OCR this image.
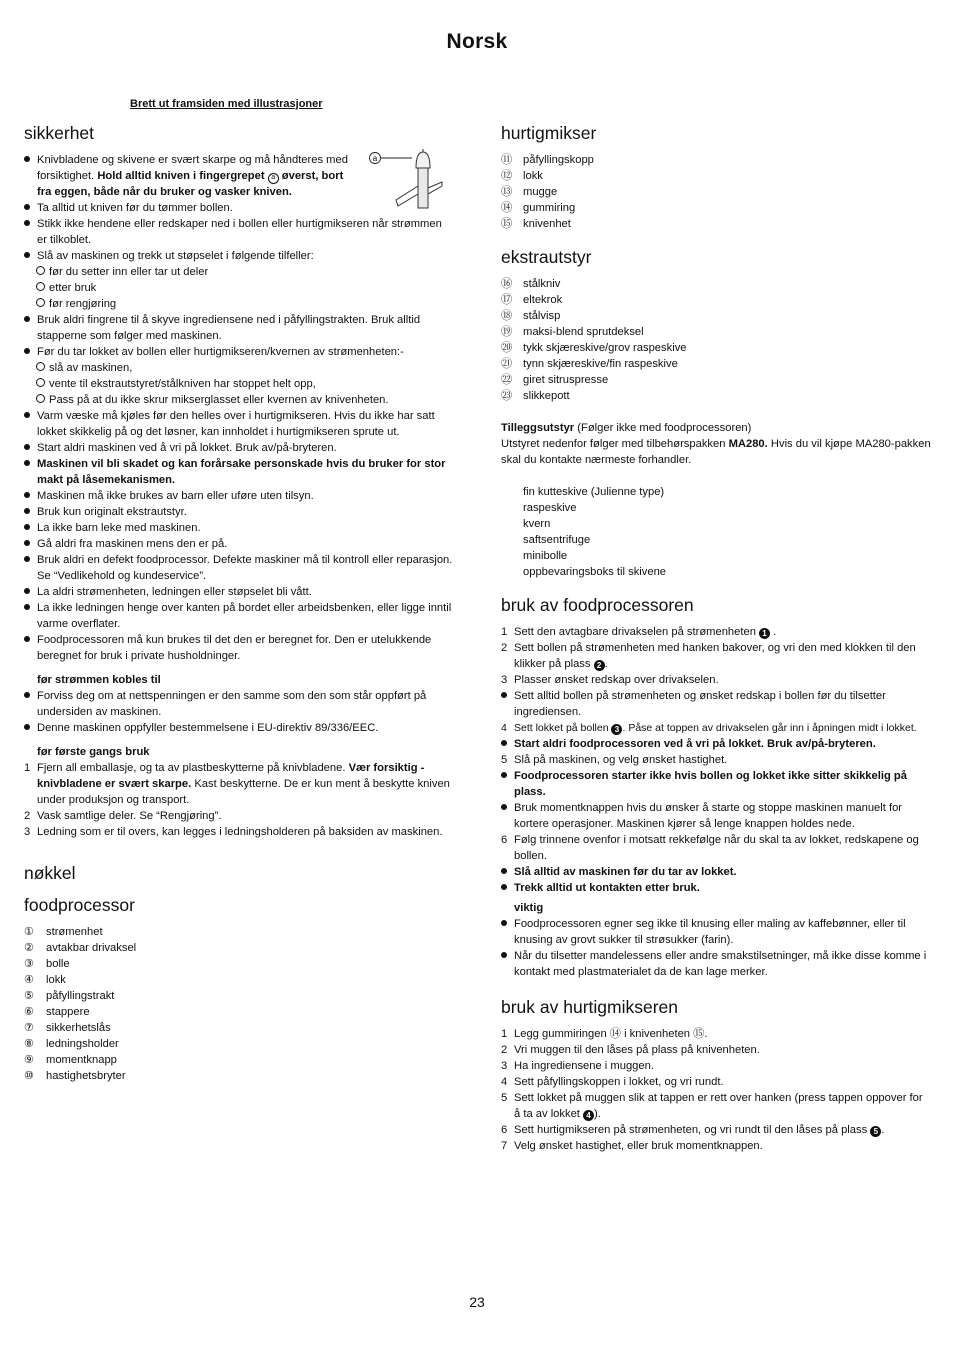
Norsk
Brett ut framsiden med illustrasjoner
a
sikkerhet
Knivbladene og skivene er svært skarpe og må håndteres med forsiktighet. Hold alltid kniven i fingergrepet a øverst, bort fra eggen, både når du bruker og vasker kniven.
Ta alltid ut kniven før du tømmer bollen.
Stikk ikke hendene eller redskaper ned i bollen eller hurtigmikseren når strømmen er tilkoblet.
Slå av maskinen og trekk ut støpselet i følgende tilfeller:
før du setter inn eller tar ut deler
etter bruk
før rengjøring
Bruk aldri fingrene til å skyve ingrediensene ned i påfyllingstrakten. Bruk alltid stapperne som følger med maskinen.
Før du tar lokket av bollen eller hurtigmikseren/kvernen av strømenheten:-
slå av maskinen,
vente til ekstrautstyret/stålkniven har stoppet helt opp,
Pass på at du ikke skrur mikserglasset eller kvernen av knivenheten.
Varm væske må kjøles før den helles over i hurtigmikseren. Hvis du ikke har satt lokket skikkelig på og det løsner, kan innholdet i hurtigmikseren sprute ut.
Start aldri maskinen ved å vri på lokket. Bruk av/på-bryteren.
Maskinen vil bli skadet og kan forårsake personskade hvis du bruker for stor makt på låsemekanismen.
Maskinen må ikke brukes av barn eller uføre uten tilsyn.
Bruk kun originalt ekstrautstyr.
La ikke barn leke med maskinen.
Gå aldri fra maskinen mens den er på.
Bruk aldri en defekt foodprocessor. Defekte maskiner må til kontroll eller reparasjon. Se “Vedlikehold og kundeservice”.
La aldri strømenheten, ledningen eller støpselet bli vått.
La ikke ledningen henge over kanten på bordet eller arbeidsbenken, eller ligge inntil varme overflater.
Foodprocessoren må kun brukes til det den er beregnet for. Den er utelukkende beregnet for bruk i private husholdninger.
før strømmen kobles til
Forviss deg om at nettspenningen er den samme som den som står oppført på undersiden av maskinen.
Denne maskinen oppfyller bestemmelsene i EU-direktiv 89/336/EEC.
før første gangs bruk
1 Fjern all emballasje, og ta av plastbeskytterne på knivbladene. Vær forsiktig - knivbladene er svært skarpe. Kast beskytterne. De er kun ment å beskytte kniven under produksjon og transport.
2 Vask samtlige deler. Se “Rengjøring”.
3 Ledning som er til overs, kan legges i ledningsholderen på baksiden av maskinen.
nøkkel
foodprocessor
①	strømenhet
②	avtakbar drivaksel
③	bolle
④	lokk
⑤	påfyllingstrakt
⑥	stappere
⑦	sikkerhetslås
⑧	ledningsholder
⑨	momentknapp
⑩	hastighetsbryter
hurtigmikser
⑪ påfyllingskopp
⑫ lokk
⑬ mugge
⑭ gummiring
⑮ knivenhet
ekstrautstyr
⑯ stålkniv
⑰ eltekrok
⑱ stålvisp
⑲ maksi-blend sprutdeksel
⑳ tykk skjæreskive/grov raspeskive
㉑ tynn skjæreskive/fin raspeskive
㉒ giret sitruspresse
㉓ slikkepott
Tilleggsutstyr (Følger ikke med foodprocessoren)
Utstyret nedenfor følger med tilbehørspakken MA280. Hvis du vil kjøpe MA280-pakken skal du kontakte nærmeste forhandler.
fin kutteskive (Julienne type)
raspeskive
kvern
saftsentrifuge
minibolle
oppbevaringsboks til skivene
bruk av foodprocessoren
1 Sett den avtagbare drivakselen på strømenheten 1 .
2 Sett bollen på strømenheten med hanken bakover, og vri den med klokken til den klikker på plass 2 .
3 Plasser ønsket redskap over drivakselen.
Sett alltid bollen på strømenheten og ønsket redskap i bollen før du tilsetter ingrediensen.
4 Sett lokket på bollen 3 . Påse at toppen av drivakselen går inn i åpningen midt i lokket.
Start aldri foodprocessoren ved å vri på lokket. Bruk av/på-bryteren.
5 Slå på maskinen, og velg ønsket hastighet.
Foodprocessoren starter ikke hvis bollen og lokket ikke sitter skikkelig på plass.
Bruk momentknappen hvis du ønsker å starte og stoppe maskinen manuelt for kortere operasjoner. Maskinen kjører så lenge knappen holdes nede.
6 Følg trinnene ovenfor i motsatt rekkefølge når du skal ta av lokket, redskapene og bollen.
Slå alltid av maskinen før du tar av lokket.
Trekk alltid ut kontakten etter bruk.
viktig
Foodprocessoren egner seg ikke til knusing eller maling av kaffebønner, eller til knusing av grovt sukker til strøsukker (farin).
Når du tilsetter mandelessens eller andre smakstilsetninger, må ikke disse komme i kontakt med plastmaterialet da de kan lage merker.
bruk av hurtigmikseren
1 Legg gummiringen ⑭ i knivenheten ⑮.
2 Vri muggen til den låses på plass på knivenheten.
3 Ha ingrediensene i muggen.
4 Sett påfyllingskoppen i lokket, og vri rundt.
5 Sett lokket på muggen slik at tappen er rett over hanken (press tappen oppover for å ta av lokket 4 ).
6 Sett hurtigmikseren på strømenheten, og vri rundt til den låses på plass 5 .
7 Velg ønsket hastighet, eller bruk momentknappen.
23
